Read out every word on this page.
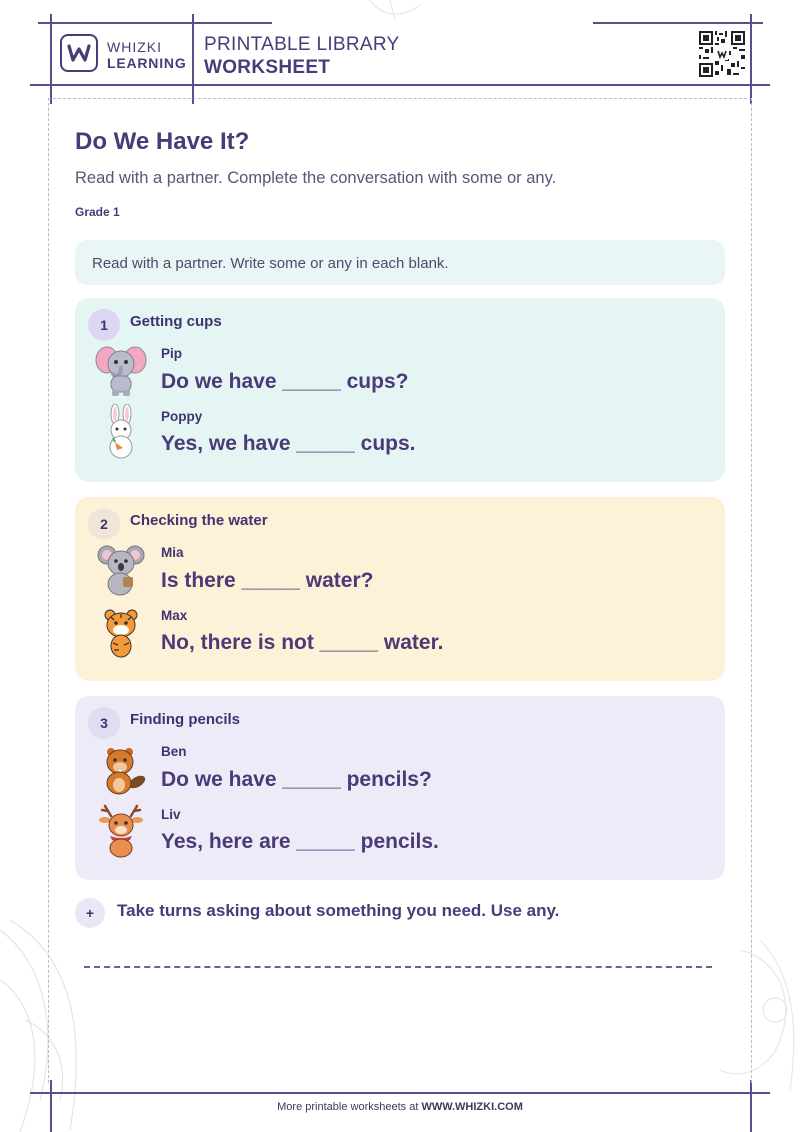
WHIZKI
LEARNING
PRINTABLE LIBRARY
WORKSHEET
Do We Have It?
Read with a partner. Complete the conversation with some or any.
Grade 1
Read with a partner. Write some or any in each blank.
1	Getting cups
Pip
Do we have _____ cups?
Poppy
Yes, we have _____ cups.
2	Checking the water
Mia
Is there _____ water?
Max
No, there is not _____ water.
3	Finding pencils
Ben
Do we have _____ pencils?
Liv
Yes, here are _____ pencils.
+	Take turns asking about something you need. Use any.
More printable worksheets at WWW.WHIZKI.COM
